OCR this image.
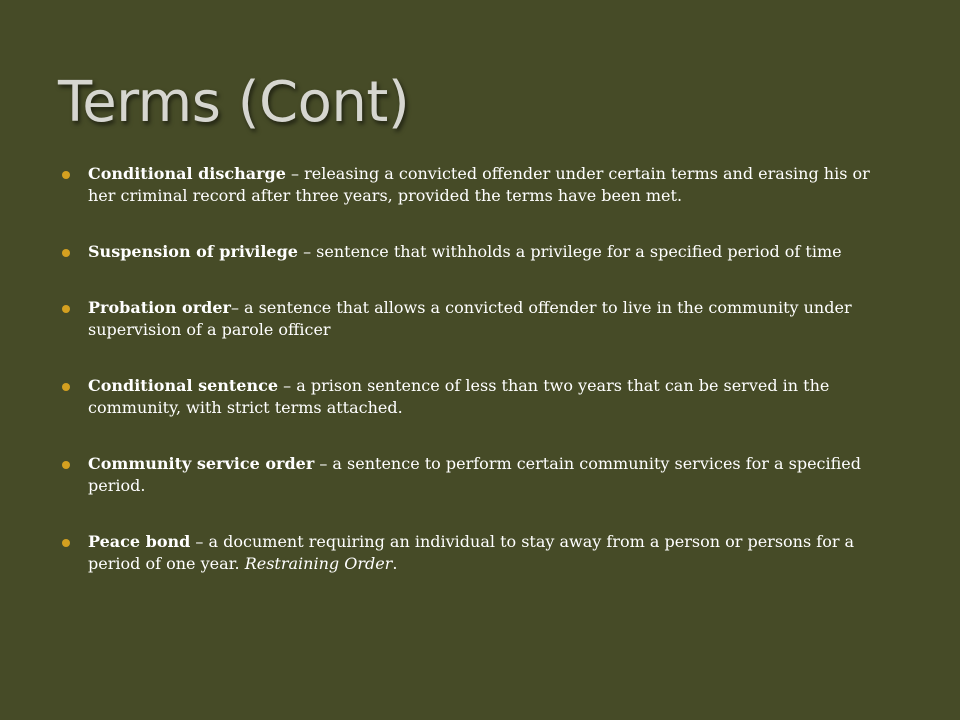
Terms (Cont)
Conditional discharge – releasing a convicted offender under certain terms and erasing his or her criminal record after three years, provided the terms have been met.
Suspension of privilege – sentence that withholds a privilege for a specified period of time
Probation order– a sentence that allows a convicted offender to live in the community under supervision of a parole officer
Conditional sentence – a prison sentence of less than two years that can be served in the community, with strict terms attached.
Community service order – a sentence to perform certain community services for a specified period.
Peace bond – a document requiring an individual to stay away from a person or persons for a period of one year. Restraining Order.
